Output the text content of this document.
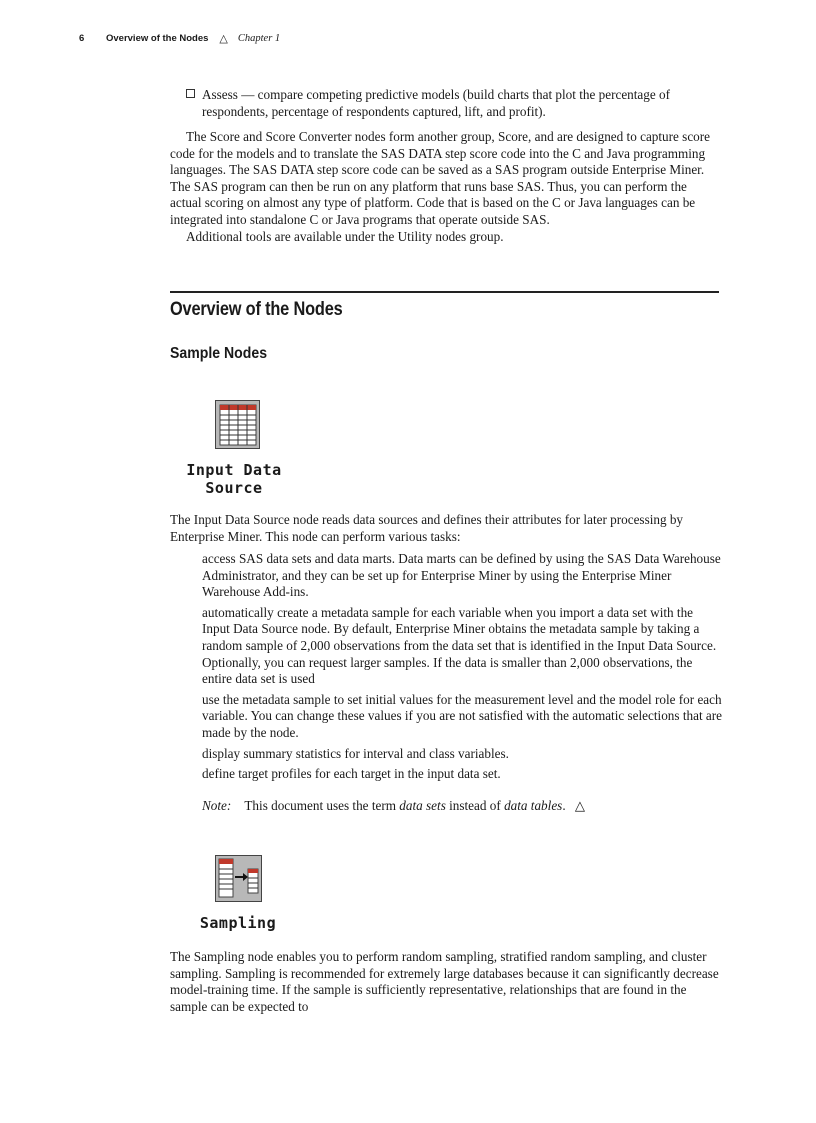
6	Overview of the Nodes △ Chapter 1
Assess — compare competing predictive models (build charts that plot the percentage of respondents, percentage of respondents captured, lift, and profit).

The Score and Score Converter nodes form another group, Score, and are designed to capture score code for the models and to translate the SAS DATA step score code into the C and Java programming languages. The SAS DATA step score code can be saved as a SAS program outside Enterprise Miner. The SAS program can then be run on any platform that runs base SAS. Thus, you can perform the actual scoring on almost any type of platform. Code that is based on the C or Java languages can be integrated into standalone C or Java programs that operate outside SAS.

Additional tools are available under the Utility nodes group.

Overview of the Nodes
Sample Nodes
Input Data
Source

The Input Data Source node reads data sources and defines their attributes for later processing by Enterprise Miner. This node can perform various tasks:

access SAS data sets and data marts. Data marts can be defined by using the SAS Data Warehouse Administrator, and they can be set up for Enterprise Miner by using the Enterprise Miner Warehouse Add-ins.

automatically create a metadata sample for each variable when you import a data set with the Input Data Source node. By default, Enterprise Miner obtains the metadata sample by taking a random sample of 2,000 observations from the data set that is identified in the Input Data Source. Optionally, you can request larger samples. If the data is smaller than 2,000 observations, the entire data set is used

use the metadata sample to set initial values for the measurement level and the model role for each variable. You can change these values if you are not satisfied with the automatic selections that are made by the node.

display summary statistics for interval and class variables.

define target profiles for each target in the input data set.

Note: This document uses the term data sets instead of data tables. △
Sampling

The Sampling node enables you to perform random sampling, stratified random sampling, and cluster sampling. Sampling is recommended for extremely large databases because it can significantly decrease model-training time. If the sample is sufficiently representative, relationships that are found in the sample can be expected to
